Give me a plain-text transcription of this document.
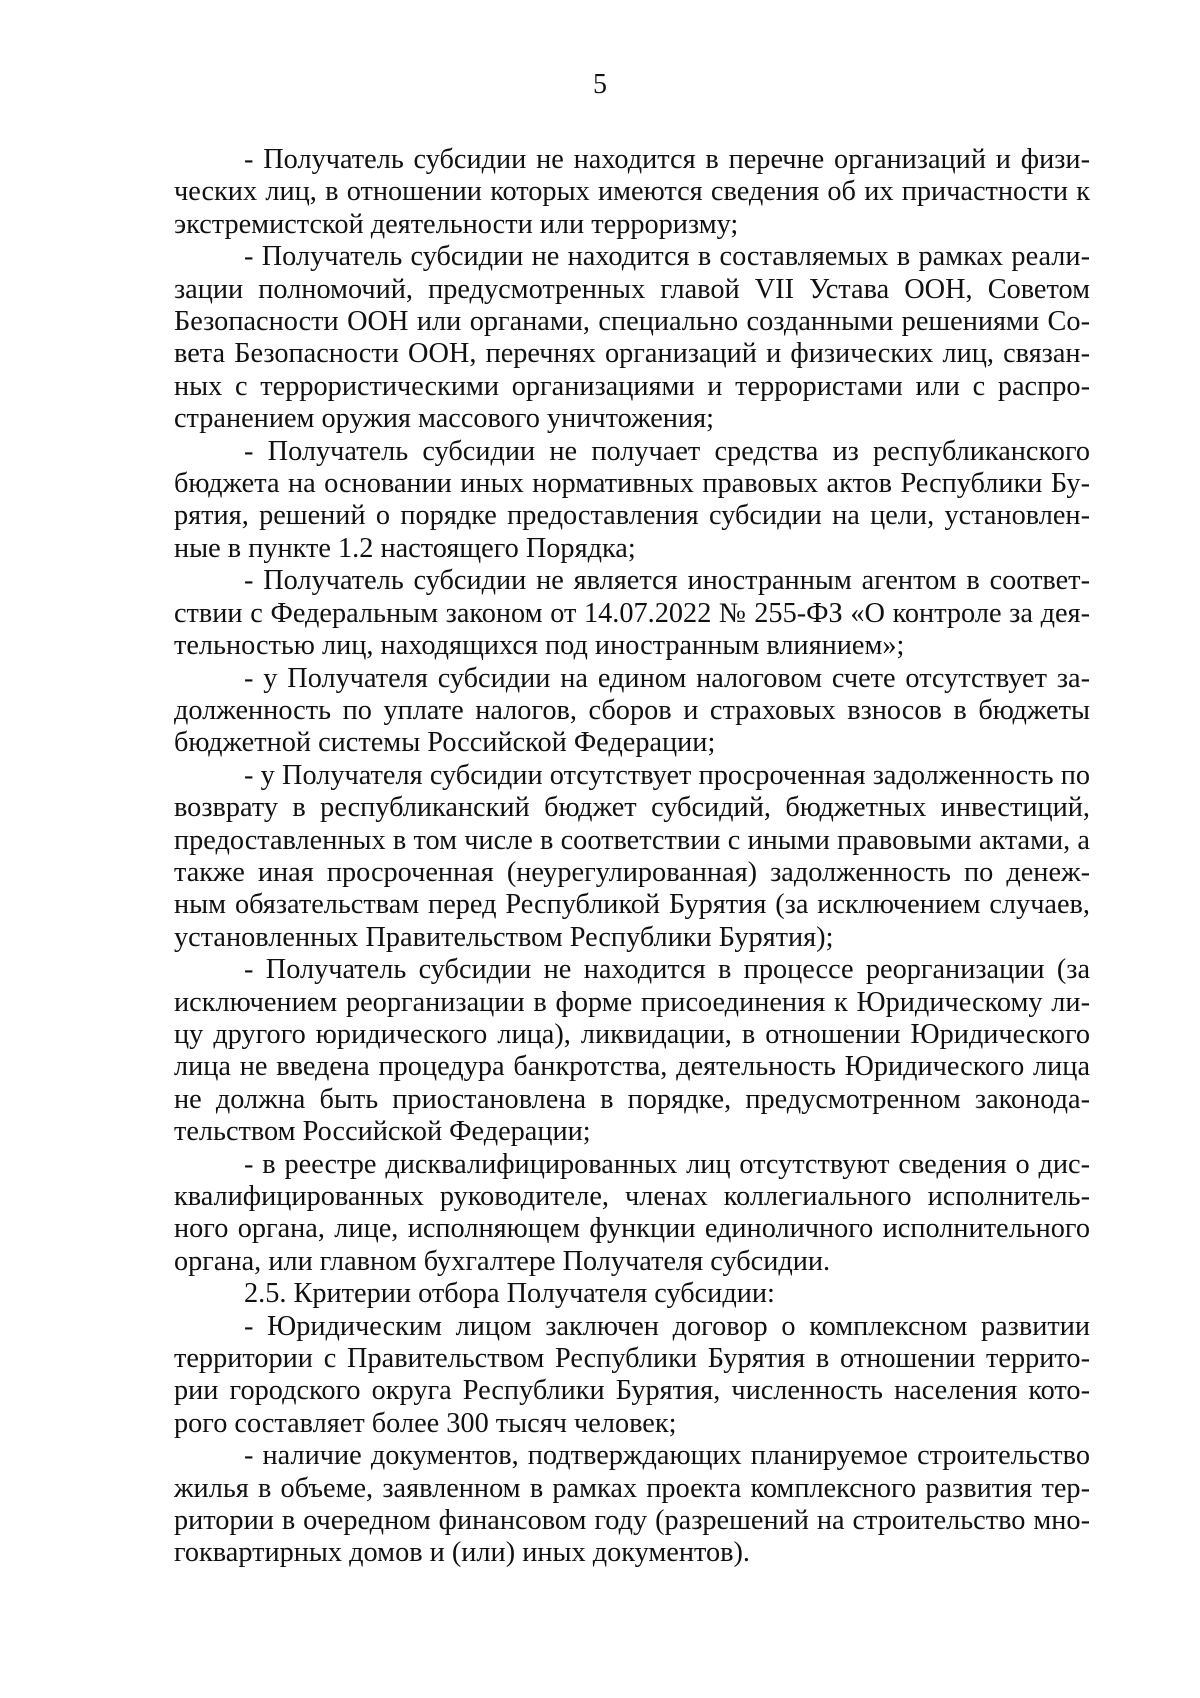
5

- Получатель субсидии не находится в перечне организаций и физических лиц, в отношении которых имеются сведения об их причастности к экстремистской деятельности или терроризму;

- Получатель субсидии не находится в составляемых в рамках реализации полномочий, предусмотренных главой VII Устава ООН, Советом Безопасности ООН или органами, специально созданными решениями Совета Безопасности ООН, перечнях организаций и физических лиц, связанных с террористическими организациями и террористами или с распространением оружия массового уничтожения;

- Получатель субсидии не получает средства из республиканского бюджета на основании иных нормативных правовых актов Республики Бурятия, решений о порядке предоставления субсидии на цели, установленные в пункте 1.2 настоящего Порядка;

- Получатель субсидии не является иностранным агентом в соответствии с Федеральным законом от 14.07.2022 № 255-ФЗ «О контроле за деятельностью лиц, находящихся под иностранным влиянием»;

- у Получателя субсидии на едином налоговом счете отсутствует задолженность по уплате налогов, сборов и страховых взносов в бюджеты бюджетной системы Российской Федерации;

- у Получателя субсидии отсутствует просроченная задолженность по возврату в республиканский бюджет субсидий, бюджетных инвестиций, предоставленных в том числе в соответствии с иными правовыми актами, а также иная просроченная (неурегулированная) задолженность по денежным обязательствам перед Республикой Бурятия (за исключением случаев, установленных Правительством Республики Бурятия);

- Получатель субсидии не находится в процессе реорганизации (за исключением реорганизации в форме присоединения к Юридическому лицу другого юридического лица), ликвидации, в отношении Юридического лица не введена процедура банкротства, деятельность Юридического лица не должна быть приостановлена в порядке, предусмотренном законодательством Российской Федерации;

- в реестре дисквалифицированных лиц отсутствуют сведения о дисквалифицированных руководителе, членах коллегиального исполнительного органа, лице, исполняющем функции единоличного исполнительного органа, или главном бухгалтере Получателя субсидии.

2.5. Критерии отбора Получателя субсидии:

- Юридическим лицом заключен договор о комплексном развитии территории с Правительством Республики Бурятия в отношении территории городского округа Республики Бурятия, численность населения которого составляет более 300 тысяч человек;

- наличие документов, подтверждающих планируемое строительство жилья в объеме, заявленном в рамках проекта комплексного развития территории в очередном финансовом году (разрешений на строительство многоквартирных домов и (или) иных документов).
